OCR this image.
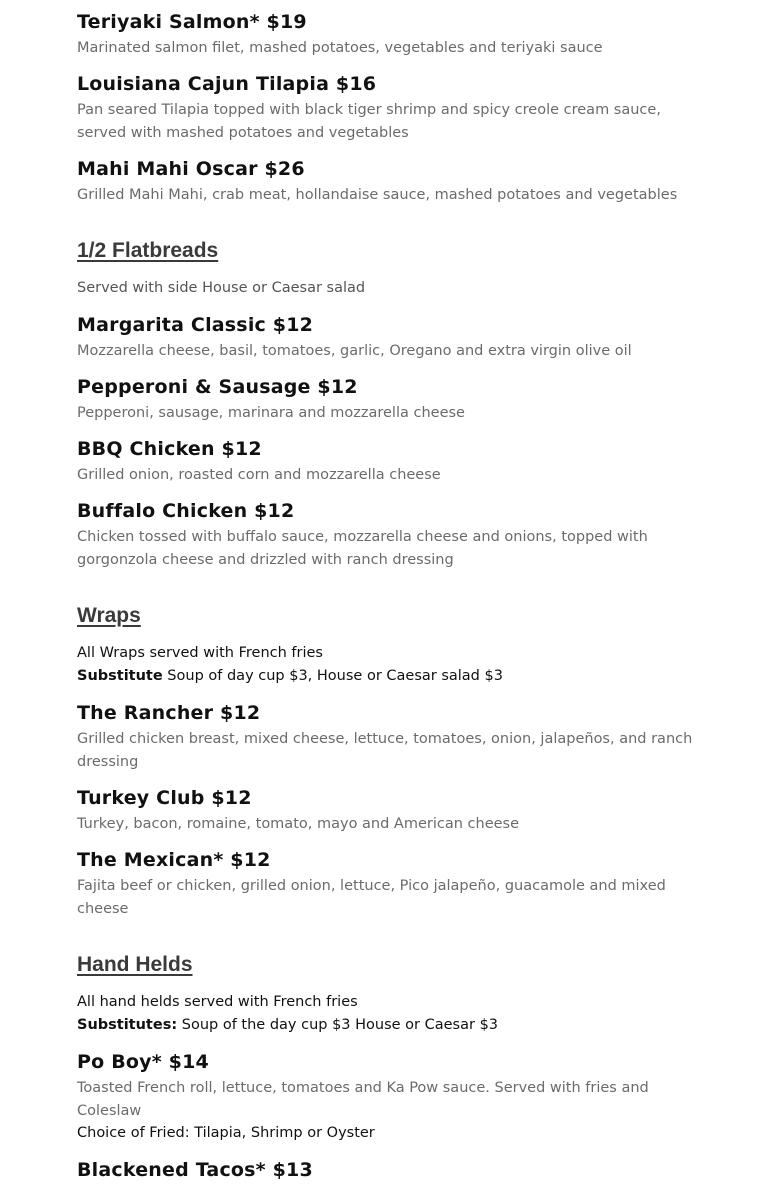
Teriyaki Salmon* $19
Marinated salmon filet, mashed potatoes, vegetables and teriyaki sauce
Louisiana Cajun Tilapia $16
Pan seared Tilapia topped with black tiger shrimp and spicy creole cream sauce, served with mashed potatoes and vegetables
Mahi Mahi Oscar $26
Grilled Mahi Mahi, crab meat, hollandaise sauce, mashed potatoes and vegetables
1/2 Flatbreads
Served with side House or Caesar salad
Margarita Classic $12
Mozzarella cheese, basil, tomatoes, garlic, Oregano and extra virgin olive oil
Pepperoni & Sausage $12
Pepperoni, sausage, marinara and mozzarella cheese
BBQ Chicken $12
Grilled onion, roasted corn and mozzarella cheese
Buffalo Chicken $12
Chicken tossed with buffalo sauce, mozzarella cheese and onions, topped with gorgonzola cheese and drizzled with ranch dressing
Wraps
All Wraps served with French fries
Substitute Soup of day cup $3, House or Caesar salad $3
The Rancher $12
Grilled chicken breast, mixed cheese, lettuce, tomatoes, onion, jalapeños, and ranch dressing
Turkey Club $12
Turkey, bacon, romaine, tomato, mayo and American cheese
The Mexican* $12
Fajita beef or chicken, grilled onion, lettuce, Pico jalapeño, guacamole and mixed cheese
Hand Helds
All hand helds served with French fries
Substitutes: Soup of the day cup $3 House or Caesar $3
Po Boy* $14
Toasted French roll, lettuce, tomatoes and Ka Pow sauce. Served with fries and Coleslaw
Choice of Fried: Tilapia, Shrimp or Oyster
Blackened Tacos* $13
